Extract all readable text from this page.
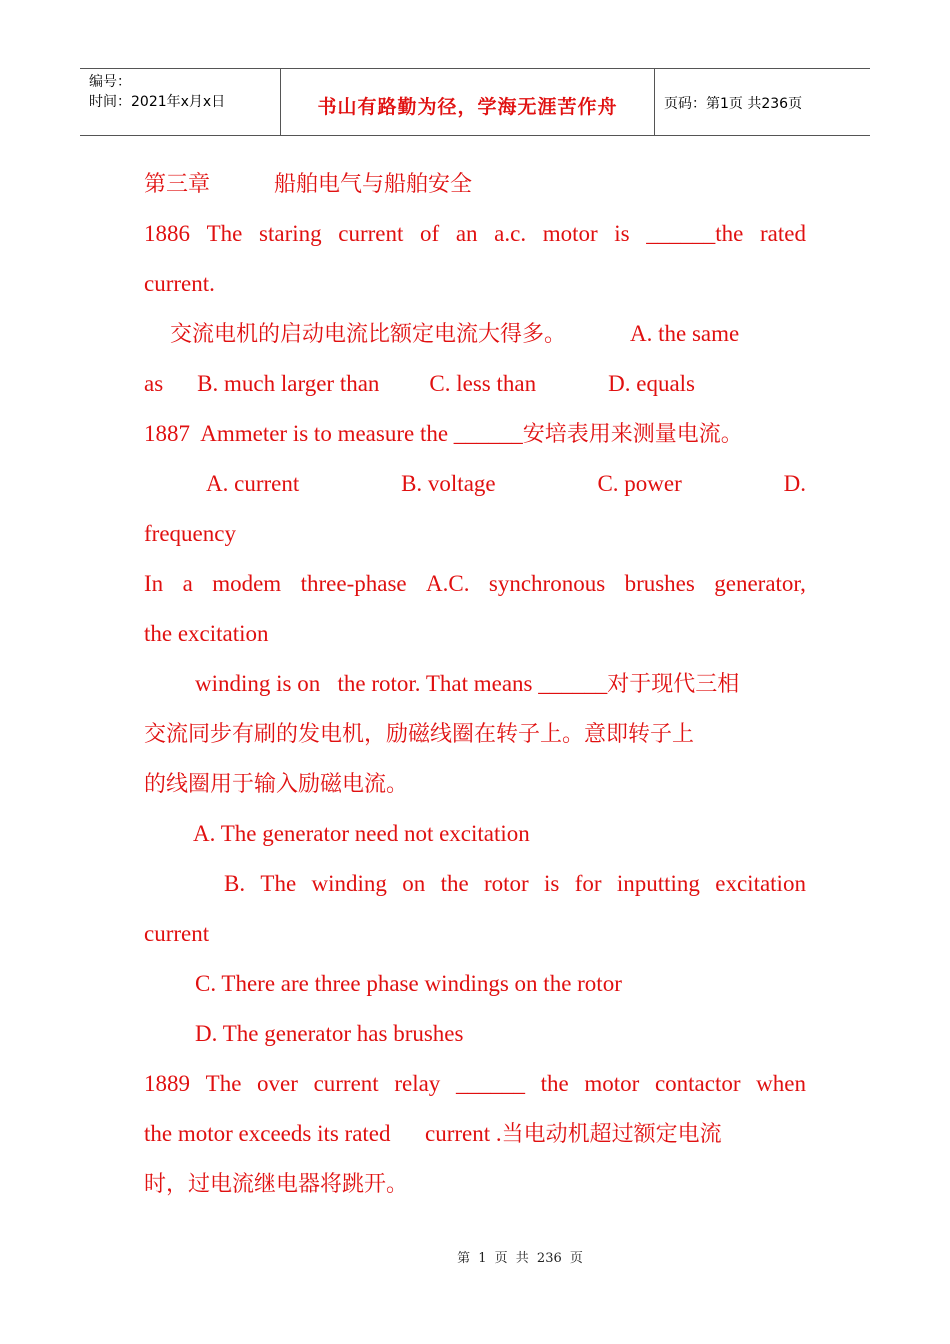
编号：
时间：2021年x月x日	书山有路勤为径，学海无涯苦作舟	页码：第1页 共236页
第三章	船舶电气与船舶安全
1886 The staring current of an a.c. motor is ______the rated
current.
交流电机的启动电流比额定电流大得多。	A. the same
as B. much larger than C. less than	D. equals
1887  Ammeter is to measure the ______安培表用来测量电流。
A. current	B. voltage	C. power	D.
frequency
In a modem three-phase A.C. synchronous brushes generator,
the excitation
winding is on   the rotor. That means ______对于现代三相
交流同步有刷的发电机，励磁线圈在转子上。意即转子上
的线圈用于输入励磁电流。
A. The generator need not excitation
B. The winding on the rotor is for inputting excitation
current
C. There are three phase windings on the rotor
D. The generator has brushes
1889 The over current relay ______ the motor contactor when
the motor exceeds its rated      current .当电动机超过额定电流
时，过电流继电器将跳开。
第 1 页 共 236 页
